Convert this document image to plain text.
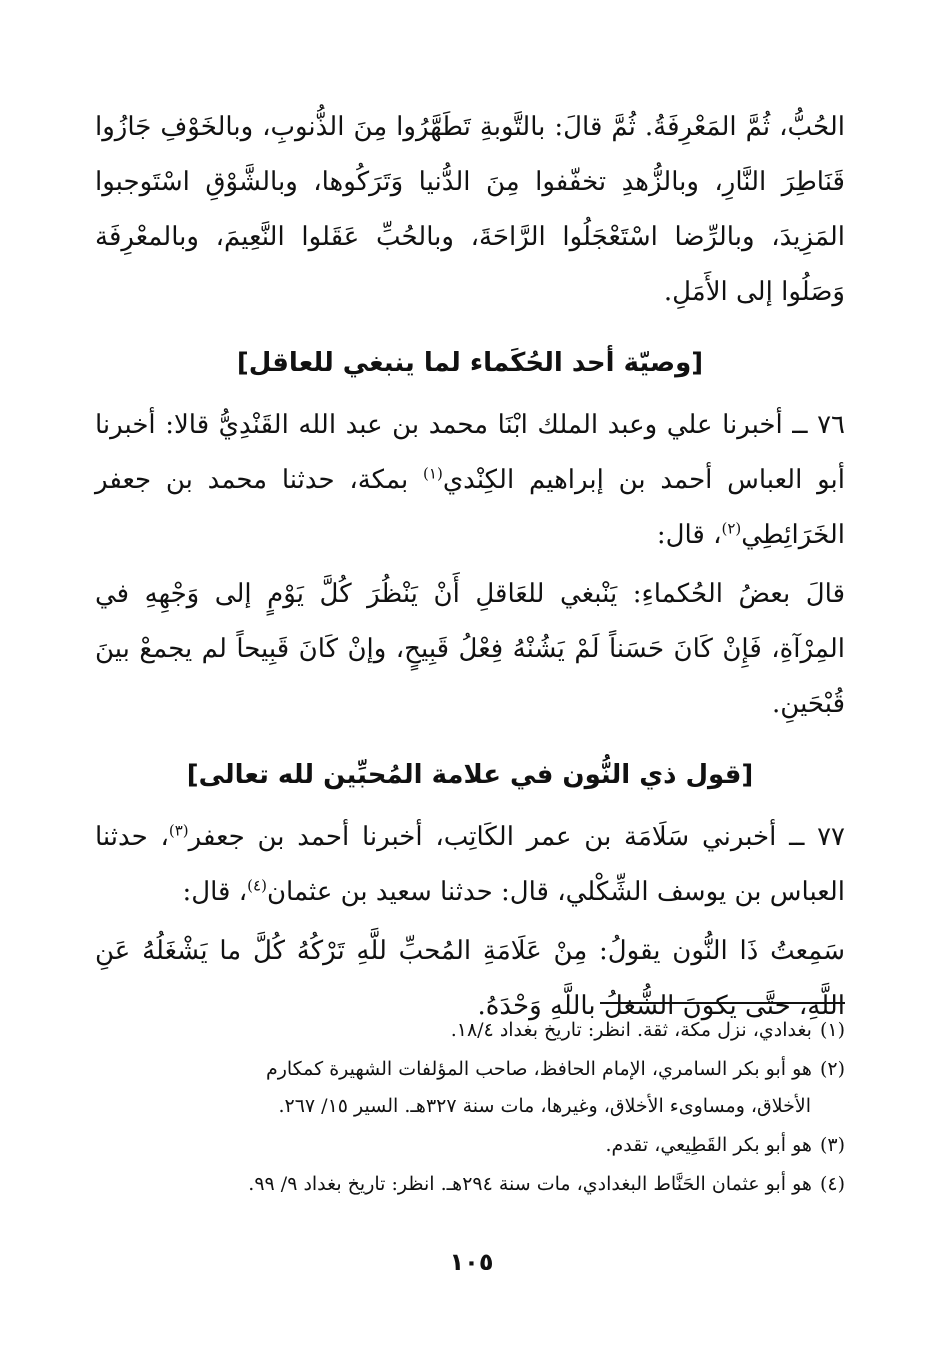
الحُبُّ، ثُمَّ المَعْرِفَةُ. ثُمَّ قالَ: بالتَّوبةِ تَطَهَّرُوا مِنَ الذُّنوبِ، وبالخَوْفِ جَازُوا قَنَاطِرَ النَّارِ، وبالزُّهدِ تخفّفوا مِنَ الدُّنيا وَتَرَكُوها، وبالشَّوْقِ اسْتَوجبوا المَزِيدَ، وبالرِّضا اسْتَعْجَلُوا الرَّاحَةَ، وبالحُبِّ عَقَلوا النَّعِيمَ، وبالمعْرِفَة وَصَلُوا إلى الأَمَلِ.

[وصيّة أحد الحُكَماء لما ينبغي للعاقل]

٧٦ ــ أخبرنا علي وعبد الملك ابْنَا محمد بن عبد الله القَنْدِيُّ قالا: أخبرنا أبو العباس أحمد بن إبراهيم الكِنْدي$^{(١)}$ بمكة، حدثنا محمد بن جعفر الخَرَائِطِي$^{(٢)}$، قال:

قالَ بعضُ الحُكماءِ: يَنْبغي للعَاقلِ أَنْ يَنْظُرَ كُلَّ يَوْمٍ إلى وَجْهِهِ في المِرْآةِ، فَإِنْ كَانَ حَسَناً لَمْ يَشُنْهُ فِعْلُ قَبِيحٍ، وإنْ كَانَ قَبِيحاً لم يجمعْ بينَ قُبْحَينِ.

[قول ذي النُّون في علامة المُحبِّين لله تعالى]

٧٧ ــ أخبرني سَلَامَة بن عمر الكَاتِب، أخبرنا أحمد بن جعفر$^{(٣)}$، حدثنا العباس بن يوسف الشِّكْلي، قال: حدثنا سعيد بن عثمان$^{(٤)}$، قال:

سَمِعتُ ذَا النُّون يقولُ: مِنْ عَلَامَةِ المُحبِّ للَّهِ تَرْكُهُ كُلَّ ما يَشْغَلُهُ عَنِ اللَّهِ، حتَّى يكونَ الشُّغلُ باللَّهِ وَحْدَهُ.

(١)بغدادي، نزل مكة، ثقة. انظر: تاريخ بغداد ١٨/٤.

(٢)هو أبو بكر السامري، الإمام الحافظ، صاحب المؤلفات الشهيرة كمكارم
الأخلاق، ومساوىء الأخلاق، وغيرها، مات سنة ٣٢٧هـ. السير ١٥/ ٢٦٧.

(٣)هو أبو بكر القَطِيعي، تقدم.

(٤)هو أبو عثمان الحَنَّاط البغدادي، مات سنة ٢٩٤هـ. انظر: تاريخ بغداد ٩/ ٩٩.

١٠٥
